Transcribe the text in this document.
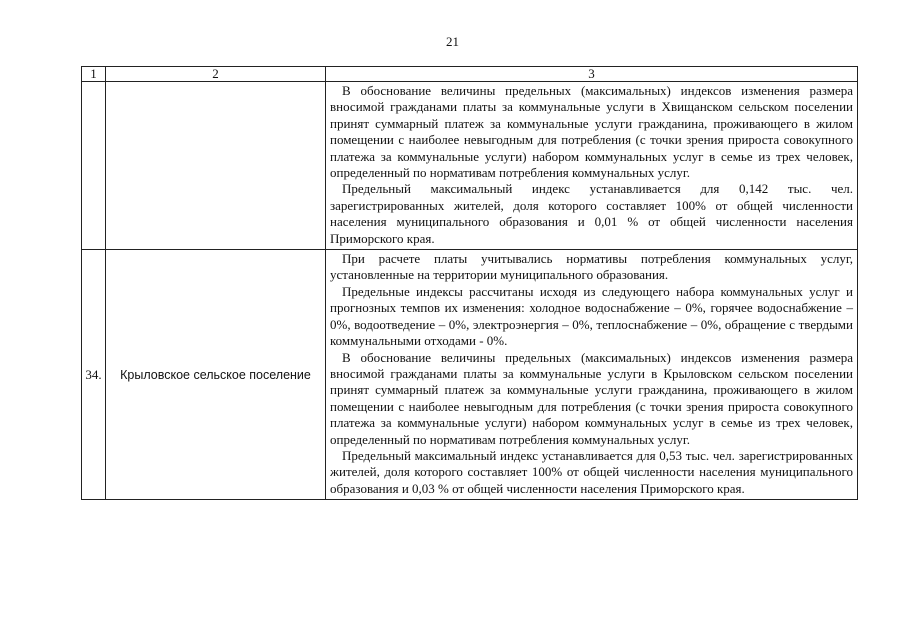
21
1	2	3

		В обоснование величины предельных (максимальных) индексов изменения размера вносимой гражданами платы за коммунальные услуги в Хвищанском сельском поселении принят суммарный платеж за коммунальные услуги гражданина, проживающего в жилом помещении с наиболее невыгодным для потребления (с точки зрения прироста совокупного платежа за коммунальные услуги) набором коммунальных услуг в семье из трех человек, определенный по нормативам потребления коммунальных услуг.

Предельный максимальный индекс устанавливается для 0,142 тыс. чел. зарегистрированных жителей, доля которого составляет 100% от общей численности населения муниципального образования и 0,01 % от общей численности населения Приморского края.

34.	Крыловское сельское поселение	При расчете платы учитывались нормативы потребления коммунальных услуг, установленные на территории муниципального образования.

Предельные индексы рассчитаны исходя из следующего набора коммунальных услуг и прогнозных темпов их изменения: холодное водоснабжение – 0%, горячее водоснабжение – 0%, водоотведение – 0%, электроэнергия – 0%, теплоснабжение – 0%, обращение с твердыми коммунальными отходами - 0%.

В обоснование величины предельных (максимальных) индексов изменения размера вносимой гражданами платы за коммунальные услуги в Крыловском сельском поселении принят суммарный платеж за коммунальные услуги гражданина, проживающего в жилом помещении с наиболее невыгодным для потребления (с точки зрения прироста совокупного платежа за коммунальные услуги) набором коммунальных услуг в семье из трех человек, определенный по нормативам потребления коммунальных услуг.

Предельный максимальный индекс устанавливается для 0,53 тыс. чел. зарегистрированных жителей, доля которого составляет 100% от общей численности населения муниципального образования и 0,03 % от общей численности населения Приморского края.
